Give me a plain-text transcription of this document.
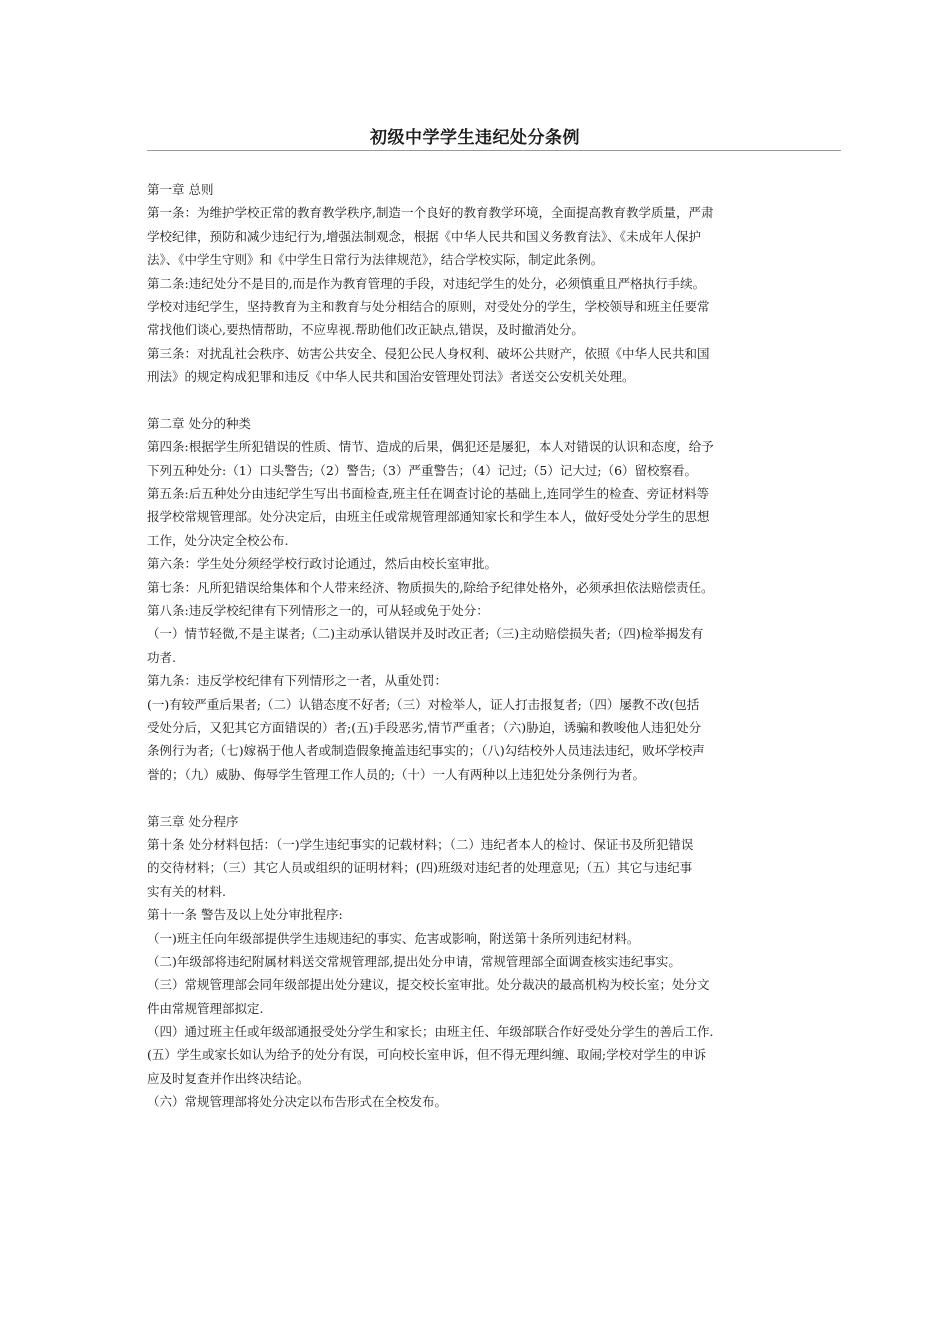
初级中学学生违纪处分条例
第一章 总则
第一条：为维护学校正常的教育教学秩序,制造一个良好的教育教学环境，全面提高教育教学质量，严肃
学校纪律，预防和减少违纪行为,增强法制观念，根据《中华人民共和国义务教育法》、《未成年人保护
法》、《中学生守则》和《中学生日常行为法律规范》，结合学校实际，制定此条例。
第二条:违纪处分不是目的,而是作为教育管理的手段，对违纪学生的处分，必须慎重且严格执行手续。
学校对违纪学生，坚持教育为主和教育与处分相结合的原则，对受处分的学生，学校领导和班主任要常
常找他们谈心,要热情帮助，不应卑视.帮助他们改正缺点,错误，及时撤消处分。
第三条：对扰乱社会秩序、妨害公共安全、侵犯公民人身权利、破坏公共财产，依照《中华人民共和国
刑法》的规定构成犯罪和违反《中华人民共和国治安管理处罚法》者送交公安机关处理。
第二章 处分的种类
第四条:根据学生所犯错误的性质、情节、造成的后果，偶犯还是屡犯，本人对错误的认识和态度，给予
下列五种处分:（1）口头警告;（2）警告;（3）严重警告；（4）记过;（5）记大过;（6）留校察看。
第五条:后五种处分由违纪学生写出书面检查,班主任在调查讨论的基础上,连同学生的检查、旁证材料等
报学校常规管理部。处分决定后，由班主任或常规管理部通知家长和学生本人，做好受处分学生的思想
工作，处分决定全校公布.
第六条：学生处分须经学校行政讨论通过，然后由校长室审批。
第七条：凡所犯错误给集体和个人带来经济、物质损失的,除给予纪律处格外，必须承担依法赔偿责任。
第八条:违反学校纪律有下列情形之一的，可从轻或免于处分：
（一）情节轻微,不是主谋者;（二)主动承认错误并及时改正者;（三)主动赔偿损失者;（四)检举揭发有
功者.
第九条：违反学校纪律有下列情形之一者，从重处罚：
(一)有较严重后果者;（二）认错态度不好者;（三）对检举人，证人打击报复者;（四）屡教不改(包括
受处分后，又犯其它方面错误的）者;(五)手段恶劣,情节严重者；（六)胁迫，诱骗和教唆他人违犯处分
条例行为者;（七)嫁祸于他人者或制造假象掩盖违纪事实的；（八)勾结校外人员违法违纪，败坏学校声
誉的；（九）威胁、侮辱学生管理工作人员的;（十）一人有两种以上违犯处分条例行为者。
第三章 处分程序
第十条 处分材料包括：（一)学生违纪事实的记载材料；（二）违纪者本人的检讨、保证书及所犯错误
的交待材料；（三）其它人员或组织的证明材料；(四)班级对违纪者的处理意见;（五）其它与违纪事
实有关的材料.
第十一条 警告及以上处分审批程序:
（一)班主任向年级部提供学生违规违纪的事实、危害或影响，附送第十条所列违纪材料。
（二)年级部将违纪附属材料送交常规管理部,提出处分申请，常规管理部全面调查核实违纪事实。
（三）常规管理部会同年级部提出处分建议，提交校长室审批。处分裁决的最高机构为校长室；处分文
件由常规管理部拟定.
（四）通过班主任或年级部通报受处分学生和家长；由班主任、年级部联合作好受处分学生的善后工作.
(五）学生或家长如认为给予的处分有误，可向校长室申诉，但不得无理纠缠、取闹;学校对学生的申诉
应及时复查并作出终决结论。
（六）常规管理部将处分决定以布告形式在全校发布。
